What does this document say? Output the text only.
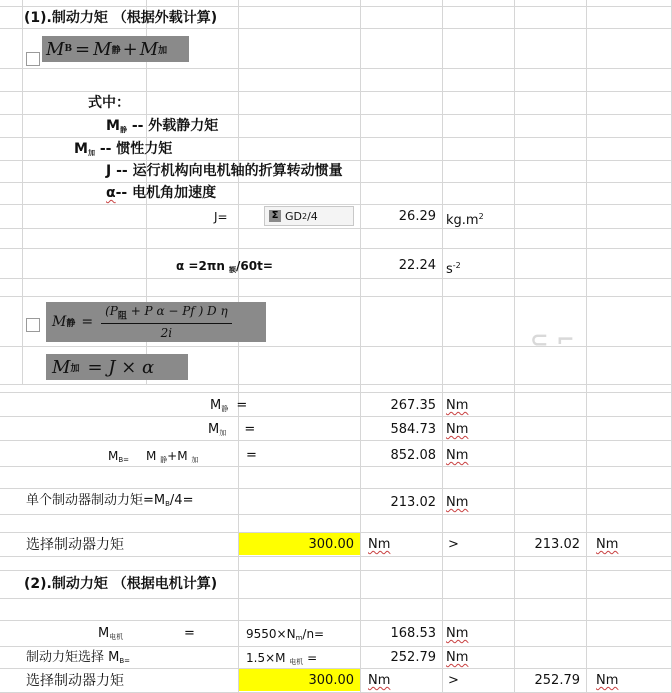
(1).制动力矩 （根据外载计算)
M B = M 静 + M 加
式中：
$M_静$ -- 外载静力矩
$M_加$ -- 惯性力矩
J -- 运行机构向电机轴的折算转动惯量
α-- 电机角加速度
J=	Σ GD 2 /4	26.29 $kg.m^2$
α =2πn $_额$/60t=	22.24 $s^{-2}$
M 静 = $\frac{(P_阻 + P \alpha - Pf ) D \eta}{2i}$
M 加 = J × α
⊂ ⌐
$M_静$ =	267.35 Nm
$M_加$ =	584.73 Nm
$M_{B=}$ M $_静$+M $_加$	=	852.08 Nm
单个制动器制动力矩$=M_B/4=$	213.02 Nm
选择制动器力矩	300.00 Nm	>	213.02 Nm
(2).制动力矩 （根据电机计算)
$M_{电机}$	=	$9550\times N_m/n=$	168.53 Nm
制动力矩选择 $M_{B=}$	1.5×M $_{电机}$ =	252.79 Nm
选择制动器力矩	300.00 Nm	>	252.79 Nm
